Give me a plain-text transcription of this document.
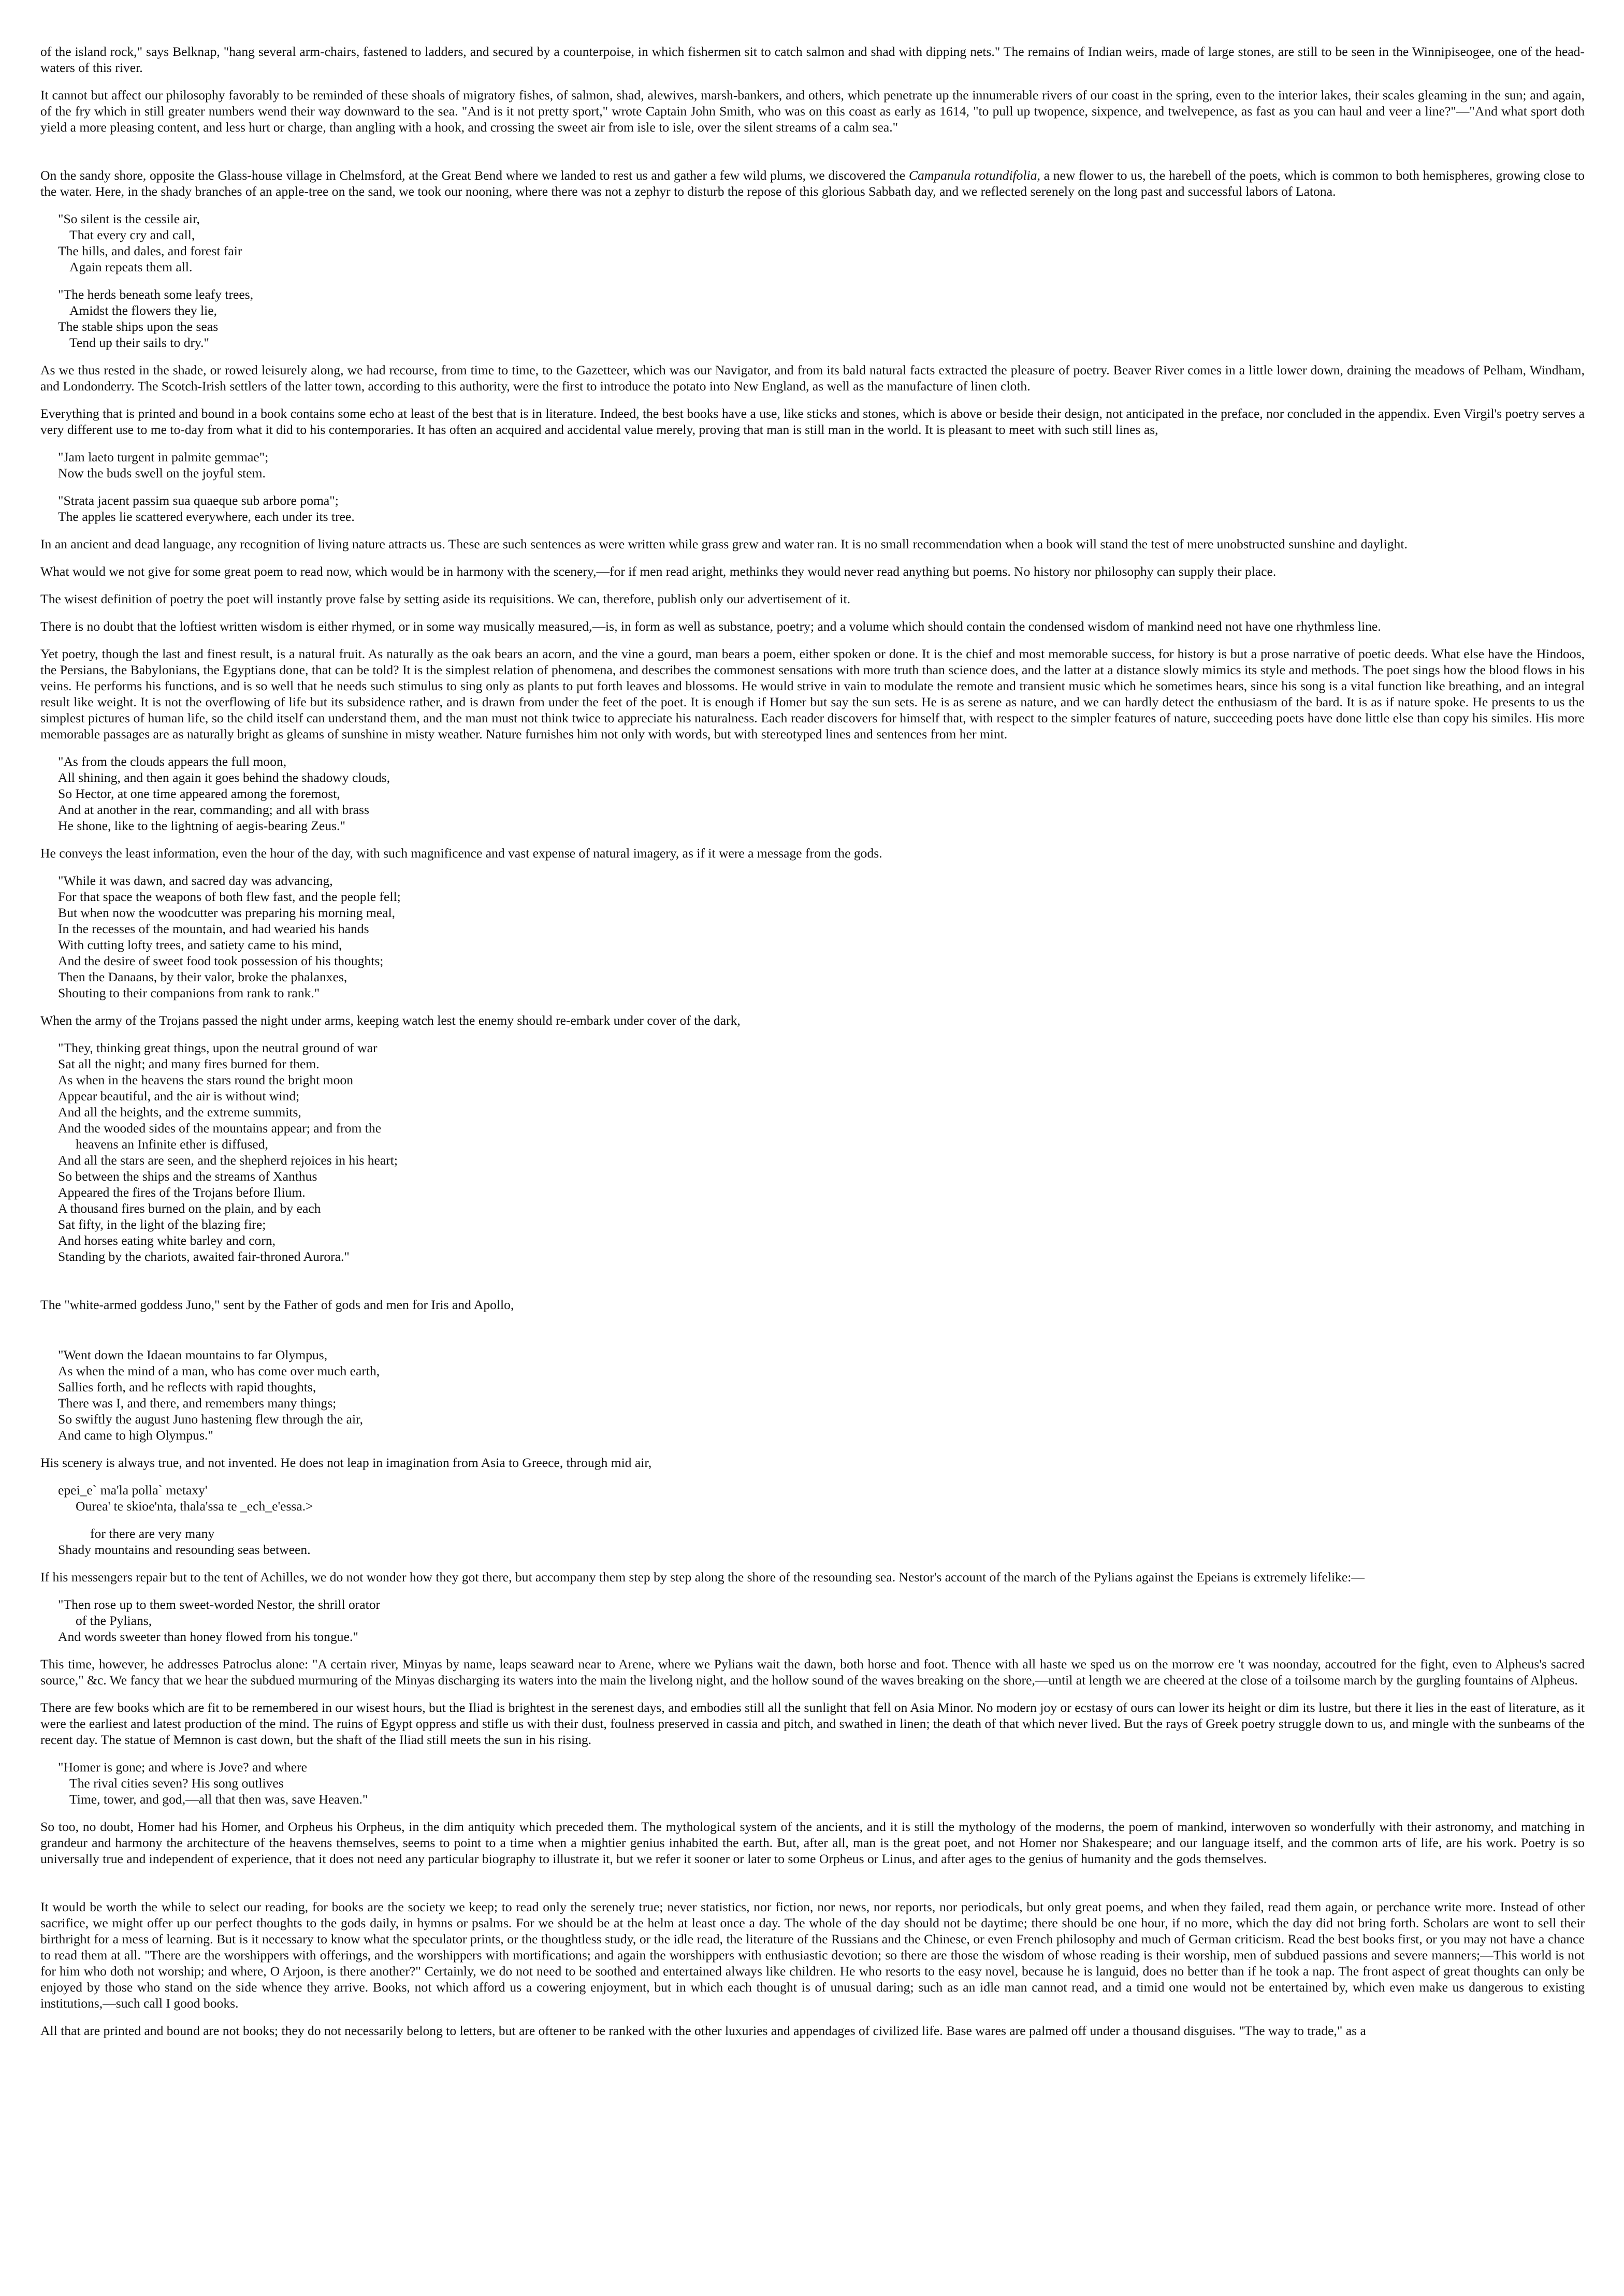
of the island rock," says Belknap, "hang several arm-chairs, fastened to ladders, and secured by a counterpoise, in which fishermen sit to catch salmon and shad with dipping nets." The remains of Indian weirs, made of large stones, are still to be seen in the Winnipiseogee, one of the head-waters of this river.

It cannot but affect our philosophy favorably to be reminded of these shoals of migratory fishes, of salmon, shad, alewives, marsh-bankers, and others, which penetrate up the innumerable rivers of our coast in the spring, even to the interior lakes, their scales gleaming in the sun; and again, of the fry which in still greater numbers wend their way downward to the sea. "And is it not pretty sport," wrote Captain John Smith, who was on this coast as early as 1614, "to pull up twopence, sixpence, and twelvepence, as fast as you can haul and veer a line?"—"And what sport doth yield a more pleasing content, and less hurt or charge, than angling with a hook, and crossing the sweet air from isle to isle, over the silent streams of a calm sea."

On the sandy shore, opposite the Glass-house village in Chelmsford, at the Great Bend where we landed to rest us and gather a few wild plums, we discovered the Campanula rotundifolia, a new flower to us, the harebell of the poets, which is common to both hemispheres, growing close to the water. Here, in the shady branches of an apple-tree on the sand, we took our nooning, where there was not a zephyr to disturb the repose of this glorious Sabbath day, and we reflected serenely on the long past and successful labors of Latona.

"So silent is the cessile air,
That every cry and call,
The hills, and dales, and forest fair
Again repeats them all.
"The herds beneath some leafy trees,
Amidst the flowers they lie,
The stable ships upon the seas
Tend up their sails to dry."

As we thus rested in the shade, or rowed leisurely along, we had recourse, from time to time, to the Gazetteer, which was our Navigator, and from its bald natural facts extracted the pleasure of poetry. Beaver River comes in a little lower down, draining the meadows of Pelham, Windham, and Londonderry. The Scotch-Irish settlers of the latter town, according to this authority, were the first to introduce the potato into New England, as well as the manufacture of linen cloth.

Everything that is printed and bound in a book contains some echo at least of the best that is in literature. Indeed, the best books have a use, like sticks and stones, which is above or beside their design, not anticipated in the preface, nor concluded in the appendix. Even Virgil's poetry serves a very different use to me to-day from what it did to his contemporaries. It has often an acquired and accidental value merely, proving that man is still man in the world. It is pleasant to meet with such still lines as,

"Jam laeto turgent in palmite gemmae";
Now the buds swell on the joyful stem.
"Strata jacent passim sua quaeque sub arbore poma";
The apples lie scattered everywhere, each under its tree.

In an ancient and dead language, any recognition of living nature attracts us. These are such sentences as were written while grass grew and water ran. It is no small recommendation when a book will stand the test of mere unobstructed sunshine and daylight.

What would we not give for some great poem to read now, which would be in harmony with the scenery,—for if men read aright, methinks they would never read anything but poems. No history nor philosophy can supply their place.

The wisest definition of poetry the poet will instantly prove false by setting aside its requisitions. We can, therefore, publish only our advertisement of it.

There is no doubt that the loftiest written wisdom is either rhymed, or in some way musically measured,—is, in form as well as substance, poetry; and a volume which should contain the condensed wisdom of mankind need not have one rhythmless line.

Yet poetry, though the last and finest result, is a natural fruit. As naturally as the oak bears an acorn, and the vine a gourd, man bears a poem, either spoken or done. It is the chief and most memorable success, for history is but a prose narrative of poetic deeds. What else have the Hindoos, the Persians, the Babylonians, the Egyptians done, that can be told? It is the simplest relation of phenomena, and describes the commonest sensations with more truth than science does, and the latter at a distance slowly mimics its style and methods. The poet sings how the blood flows in his veins. He performs his functions, and is so well that he needs such stimulus to sing only as plants to put forth leaves and blossoms. He would strive in vain to modulate the remote and transient music which he sometimes hears, since his song is a vital function like breathing, and an integral result like weight. It is not the overflowing of life but its subsidence rather, and is drawn from under the feet of the poet. It is enough if Homer but say the sun sets. He is as serene as nature, and we can hardly detect the enthusiasm of the bard. It is as if nature spoke. He presents to us the simplest pictures of human life, so the child itself can understand them, and the man must not think twice to appreciate his naturalness. Each reader discovers for himself that, with respect to the simpler features of nature, succeeding poets have done little else than copy his similes. His more memorable passages are as naturally bright as gleams of sunshine in misty weather. Nature furnishes him not only with words, but with stereotyped lines and sentences from her mint.

"As from the clouds appears the full moon,
All shining, and then again it goes behind the shadowy clouds,
So Hector, at one time appeared among the foremost,
And at another in the rear, commanding; and all with brass
He shone, like to the lightning of aegis-bearing Zeus."

He conveys the least information, even the hour of the day, with such magnificence and vast expense of natural imagery, as if it were a message from the gods.

"While it was dawn, and sacred day was advancing,
For that space the weapons of both flew fast, and the people fell;
But when now the woodcutter was preparing his morning meal,
In the recesses of the mountain, and had wearied his hands
With cutting lofty trees, and satiety came to his mind,
And the desire of sweet food took possession of his thoughts;
Then the Danaans, by their valor, broke the phalanxes,
Shouting to their companions from rank to rank."

When the army of the Trojans passed the night under arms, keeping watch lest the enemy should re-embark under cover of the dark,

"They, thinking great things, upon the neutral ground of war
Sat all the night; and many fires burned for them.
As when in the heavens the stars round the bright moon
Appear beautiful, and the air is without wind;
And all the heights, and the extreme summits,
And the wooded sides of the mountains appear; and from the
heavens an Infinite ether is diffused,
And all the stars are seen, and the shepherd rejoices in his heart;
So between the ships and the streams of Xanthus
Appeared the fires of the Trojans before Ilium.
A thousand fires burned on the plain, and by each
Sat fifty, in the light of the blazing fire;
And horses eating white barley and corn,
Standing by the chariots, awaited fair-throned Aurora."

The "white-armed goddess Juno," sent by the Father of gods and men for Iris and Apollo,

"Went down the Idaean mountains to far Olympus,
As when the mind of a man, who has come over much earth,
Sallies forth, and he reflects with rapid thoughts,
There was I, and there, and remembers many things;
So swiftly the august Juno hastening flew through the air,
And came to high Olympus."

His scenery is always true, and not invented. He does not leap in imagination from Asia to Greece, through mid air,

epei_e` ma'la polla` metaxy'
Ourea' te skioe'nta, thala'ssa te _ech_e'essa.>
for there are very many
Shady mountains and resounding seas between.

If his messengers repair but to the tent of Achilles, we do not wonder how they got there, but accompany them step by step along the shore of the resounding sea. Nestor's account of the march of the Pylians against the Epeians is extremely lifelike:—

"Then rose up to them sweet-worded Nestor, the shrill orator
of the Pylians,
And words sweeter than honey flowed from his tongue."

This time, however, he addresses Patroclus alone: "A certain river, Minyas by name, leaps seaward near to Arene, where we Pylians wait the dawn, both horse and foot. Thence with all haste we sped us on the morrow ere 't was noonday, accoutred for the fight, even to Alpheus's sacred source," &c. We fancy that we hear the subdued murmuring of the Minyas discharging its waters into the main the livelong night, and the hollow sound of the waves breaking on the shore,—until at length we are cheered at the close of a toilsome march by the gurgling fountains of Alpheus.

There are few books which are fit to be remembered in our wisest hours, but the Iliad is brightest in the serenest days, and embodies still all the sunlight that fell on Asia Minor. No modern joy or ecstasy of ours can lower its height or dim its lustre, but there it lies in the east of literature, as it were the earliest and latest production of the mind. The ruins of Egypt oppress and stifle us with their dust, foulness preserved in cassia and pitch, and swathed in linen; the death of that which never lived. But the rays of Greek poetry struggle down to us, and mingle with the sunbeams of the recent day. The statue of Memnon is cast down, but the shaft of the Iliad still meets the sun in his rising.

"Homer is gone; and where is Jove? and where
The rival cities seven? His song outlives
Time, tower, and god,—all that then was, save Heaven."

So too, no doubt, Homer had his Homer, and Orpheus his Orpheus, in the dim antiquity which preceded them. The mythological system of the ancients, and it is still the mythology of the moderns, the poem of mankind, interwoven so wonderfully with their astronomy, and matching in grandeur and harmony the architecture of the heavens themselves, seems to point to a time when a mightier genius inhabited the earth. But, after all, man is the great poet, and not Homer nor Shakespeare; and our language itself, and the common arts of life, are his work. Poetry is so universally true and independent of experience, that it does not need any particular biography to illustrate it, but we refer it sooner or later to some Orpheus or Linus, and after ages to the genius of humanity and the gods themselves.

It would be worth the while to select our reading, for books are the society we keep; to read only the serenely true; never statistics, nor fiction, nor news, nor reports, nor periodicals, but only great poems, and when they failed, read them again, or perchance write more. Instead of other sacrifice, we might offer up our perfect thoughts to the gods daily, in hymns or psalms. For we should be at the helm at least once a day. The whole of the day should not be daytime; there should be one hour, if no more, which the day did not bring forth. Scholars are wont to sell their birthright for a mess of learning. But is it necessary to know what the speculator prints, or the thoughtless study, or the idle read, the literature of the Russians and the Chinese, or even French philosophy and much of German criticism. Read the best books first, or you may not have a chance to read them at all. "There are the worshippers with offerings, and the worshippers with mortifications; and again the worshippers with enthusiastic devotion; so there are those the wisdom of whose reading is their worship, men of subdued passions and severe manners;—This world is not for him who doth not worship; and where, O Arjoon, is there another?" Certainly, we do not need to be soothed and entertained always like children. He who resorts to the easy novel, because he is languid, does no better than if he took a nap. The front aspect of great thoughts can only be enjoyed by those who stand on the side whence they arrive. Books, not which afford us a cowering enjoyment, but in which each thought is of unusual daring; such as an idle man cannot read, and a timid one would not be entertained by, which even make us dangerous to existing institutions,—such call I good books.

All that are printed and bound are not books; they do not necessarily belong to letters, but are oftener to be ranked with the other luxuries and appendages of civilized life. Base wares are palmed off under a thousand disguises. "The way to trade," as a
